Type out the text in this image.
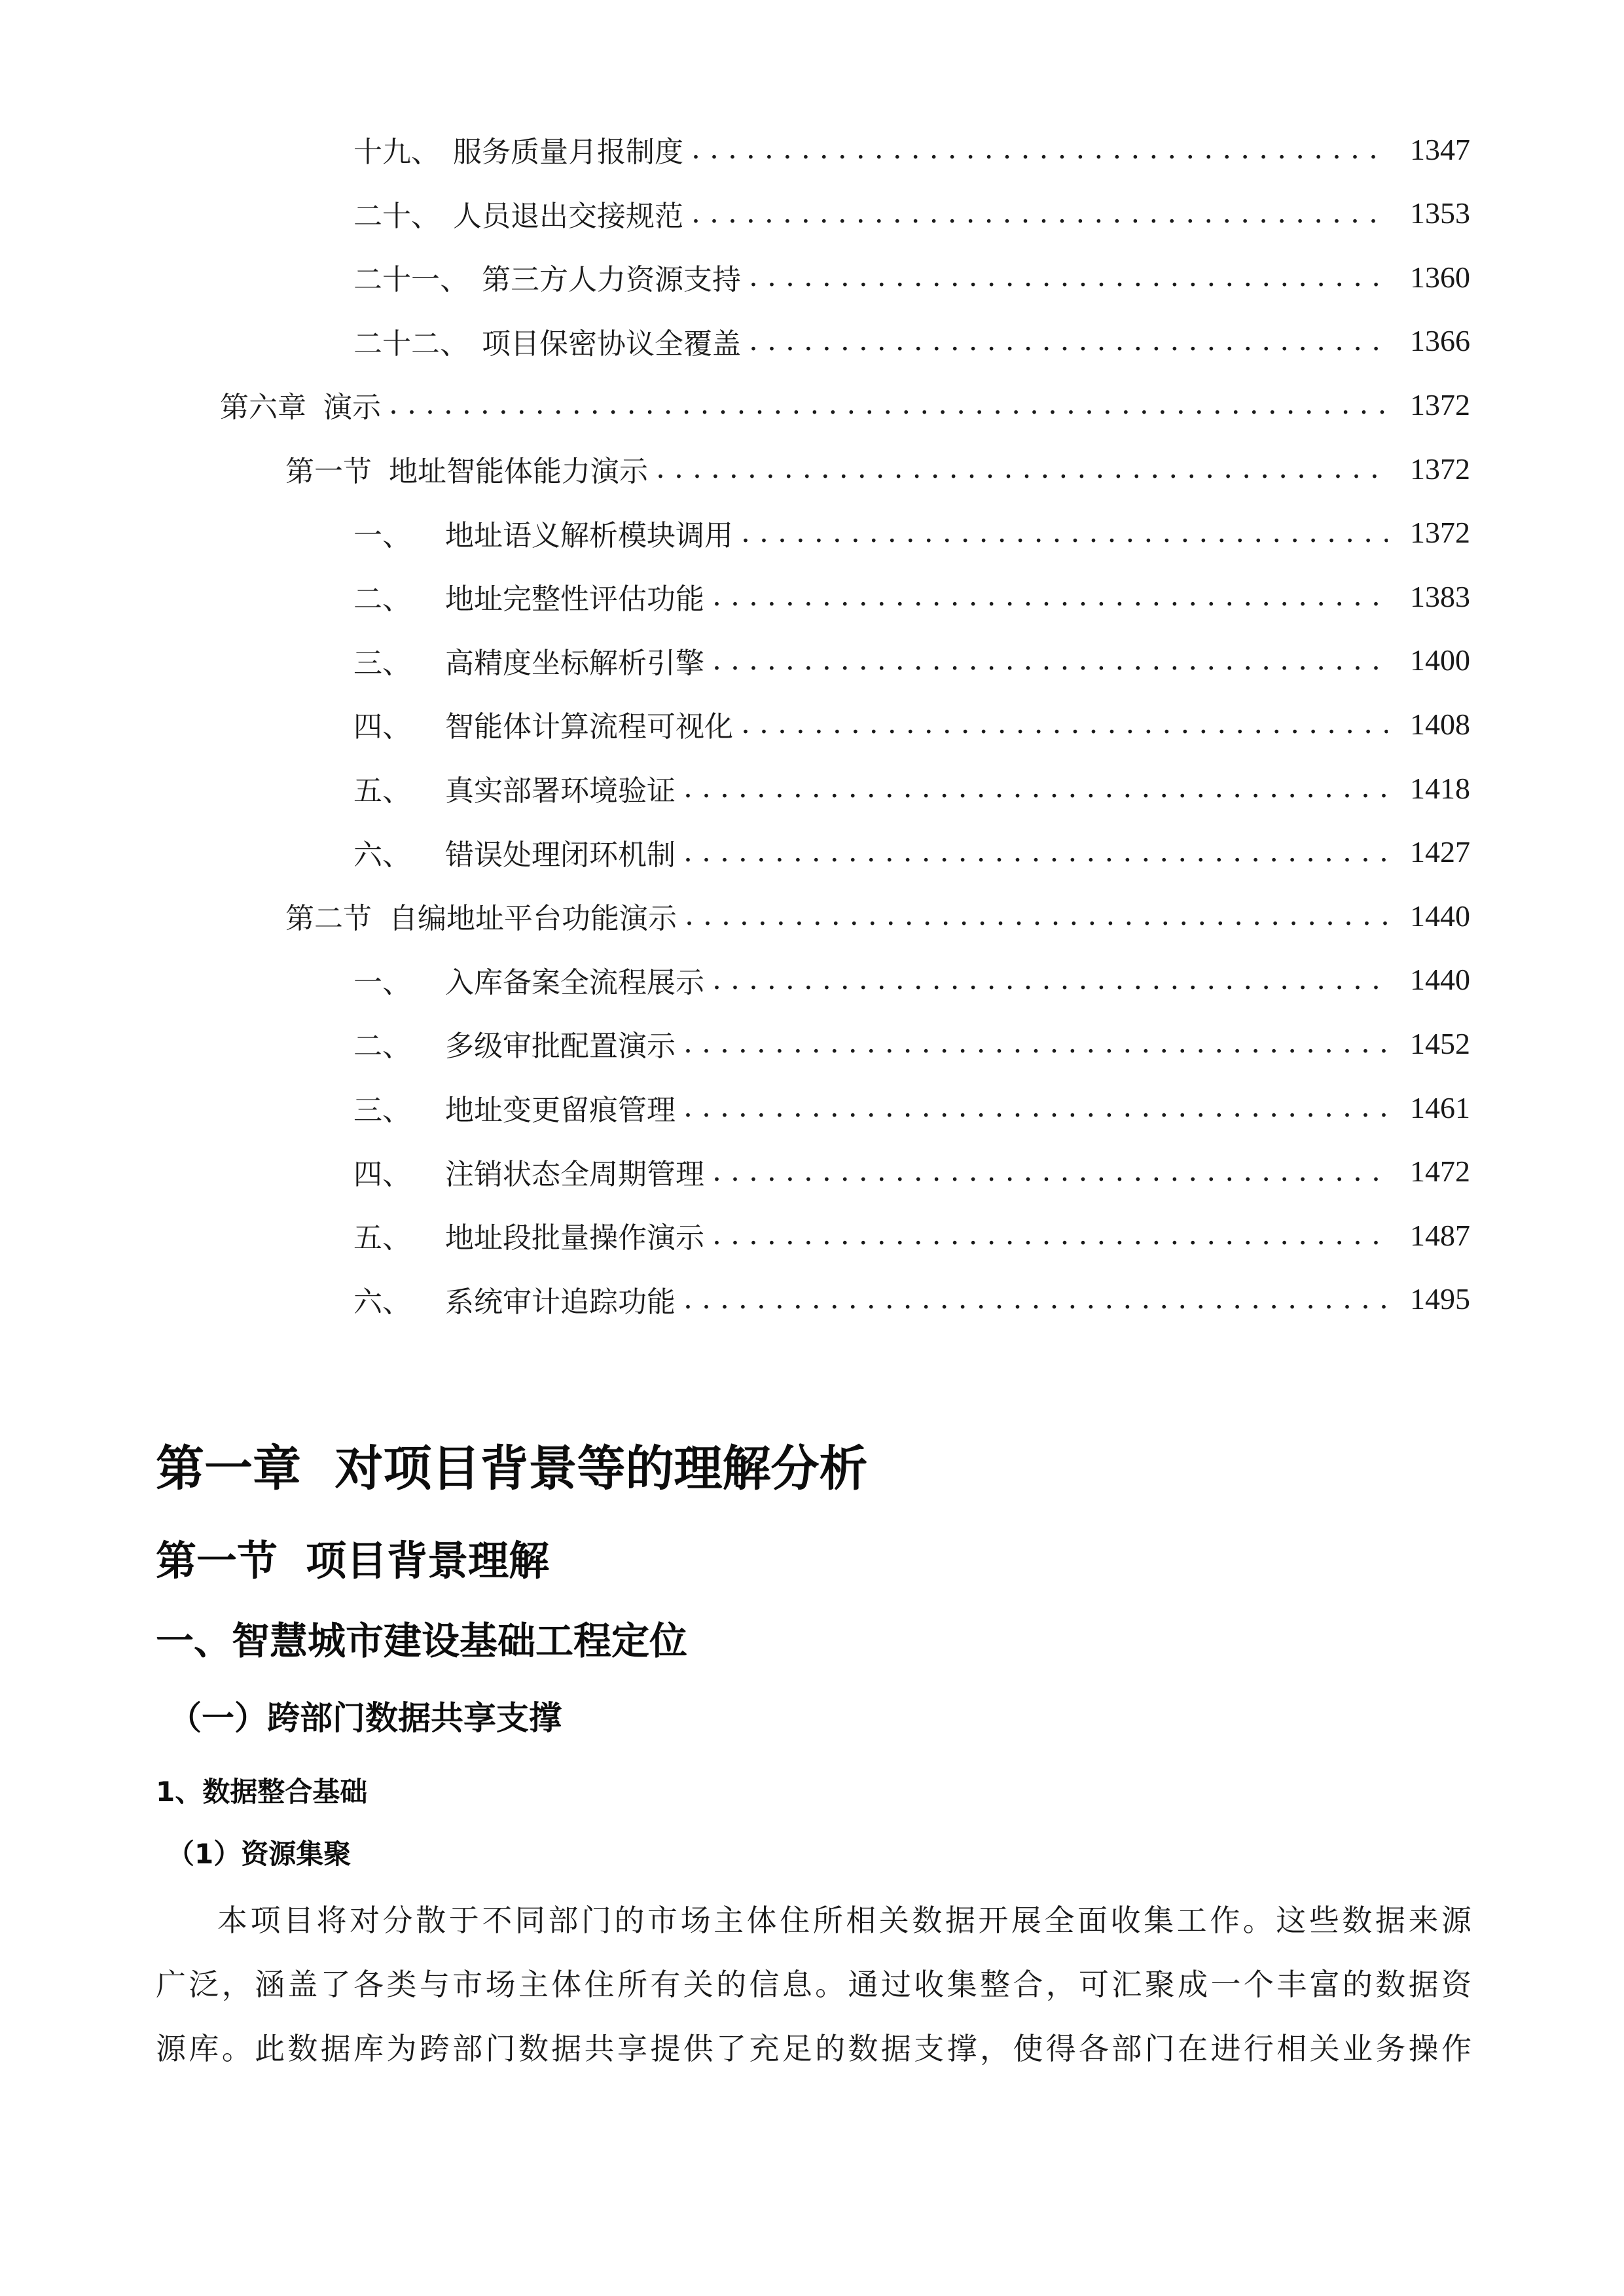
十九、 服务质量月报制度 . . .	1347
二十、 人员退出交接规范 . . .	1353
二十一、 第三方人力资源支持 . . .	1360
二十二、 项目保密协议全覆盖 . . .	1366
第六章 演示 . . .	1372
第一节 地址智能体能力演示 . . .	1372
一、	地址语义解析模块调用 . . .	1372
二、	地址完整性评估功能 . . .	1383
三、	高精度坐标解析引擎 . . .	1400
四、	智能体计算流程可视化 . . .	1408
五、	真实部署环境验证 . . .	1418
六、	错误处理闭环机制 . . .	1427
第二节 自编地址平台功能演示 . . .	1440
一、	入库备案全流程展示 . . .	1440
二、	多级审批配置演示 . . .	1452
三、	地址变更留痕管理 . . .	1461
四、	注销状态全周期管理 . . .	1472
五、	地址段批量操作演示 . . .	1487
六、	系统审计追踪功能 . . .	1495
第一章  对项目背景等的理解分析
第一节  项目背景理解
一、智慧城市建设基础工程定位
（一）跨部门数据共享支撑
1、数据整合基础
（1）资源集聚
本项目将对分散于不同部门的市场主体住所相关数据开展全面收集工作。这些数据来源
广泛，涵盖了各类与市场主体住所有关的信息。通过收集整合，可汇聚成一个丰富的数据资
源库。此数据库为跨部门数据共享提供了充足的数据支撑，使得各部门在进行相关业务操作
